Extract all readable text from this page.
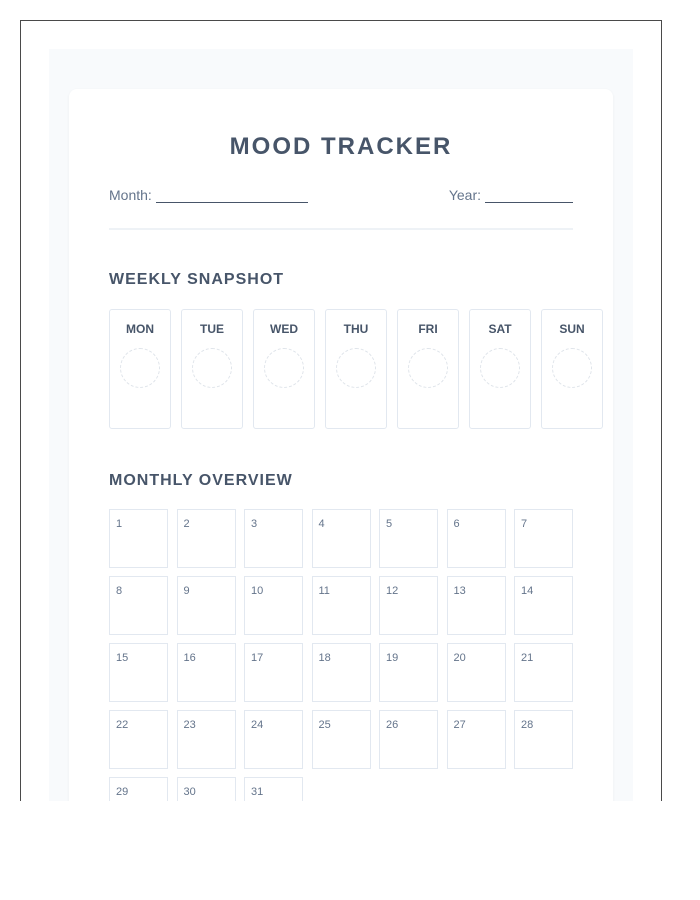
MOOD TRACKER
Month:	Year:
WEEKLY SNAPSHOT
MON	TUE	WED	THU	FRI	SAT	SUN
MONTHLY OVERVIEW
1	2	3	4	5	6	7
8	9	10	11	12	13	14
15	16	17	18	19	20	21
22	23	24	25	26	27	28
29	30	31
